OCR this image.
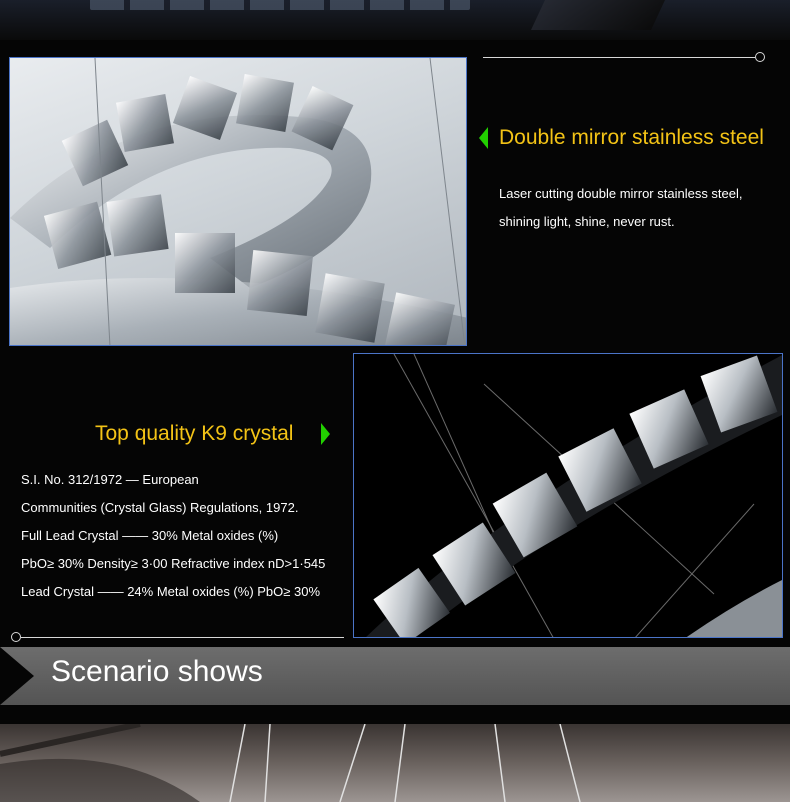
Double mirror stainless steel
Laser cutting double mirror stainless steel,
shining light, shine, never rust.
Top quality K9 crystal
S.I. No. 312/1972 — European
Communities (Crystal Glass) Regulations, 1972.
Full Lead Crystal —— 30% Metal oxides (%)
PbO≥ 30% Density≥ 3·00 Refractive index nD>1·545
Lead Crystal —— 24% Metal oxides (%) PbO≥ 30%
Scenario shows
